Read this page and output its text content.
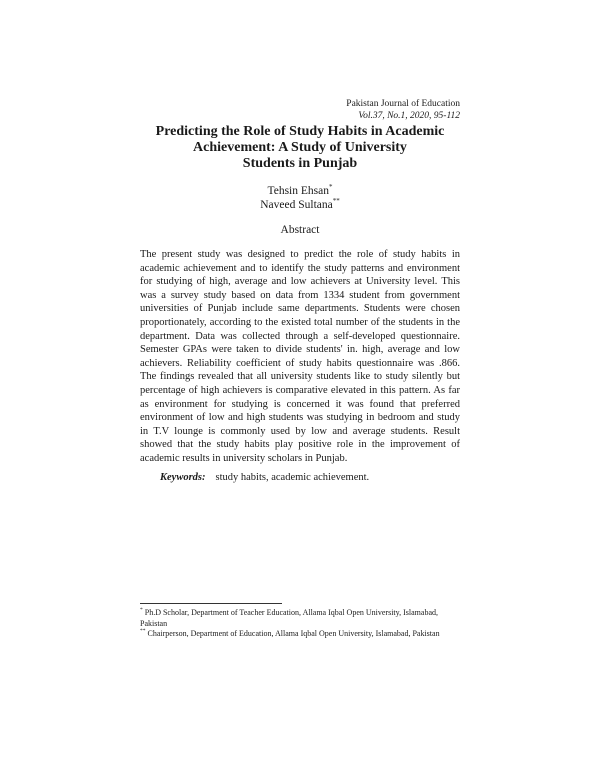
Pakistan Journal of Education
Vol.37, No.1, 2020, 95-112
Predicting the Role of Study Habits in Academic
Achievement: A Study of University
Students in Punjab
Tehsin Ehsan*
Naveed Sultana**
Abstract

The present study was designed to predict the role of study habits in academic achievement and to identify the study patterns and environment for studying of high, average and low achievers at University level. This was a survey study based on data from 1334 student from government universities of Punjab include same departments. Students were chosen proportionately, according to the existed total number of the students in the department. Data was collected through a self-developed questionnaire. Semester GPAs were taken to divide students' in. high, average and low achievers. Reliability coefficient of study habits questionnaire was .866. The findings revealed that all university students like to study silently but percentage of high achievers is comparative elevated in this pattern. As far as environment for studying is concerned it was found that preferred environment of low and high students was studying in bedroom and study in T.V lounge is commonly used by low and average students. Result showed that the study habits play positive role in the improvement of academic results in university scholars in Punjab.

Keywords: study habits, academic achievement.
* Ph.D Scholar, Department of Teacher Education, Allama Iqbal Open University, Islamabad, Pakistan
** Chairperson, Department of Education, Allama Iqbal Open University, Islamabad, Pakistan
